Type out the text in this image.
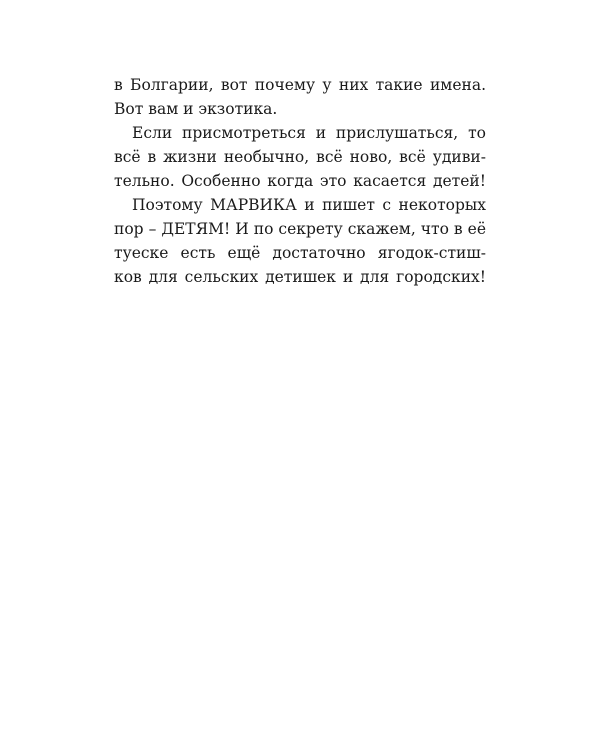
в Болгарии, вот почему у них такие имена.
Вот вам и экзотика.
Если присмотреться и прислушаться, то
всё в жизни необычно, всё ново, всё удиви-
тельно. Особенно когда это касается детей!
Поэтому МАРВИКА и пишет с некоторых
пор – ДЕТЯМ! И по секрету скажем, что в её
туеске есть ещё достаточно ягодок-стиш-
ков для сельских детишек и для городских!
